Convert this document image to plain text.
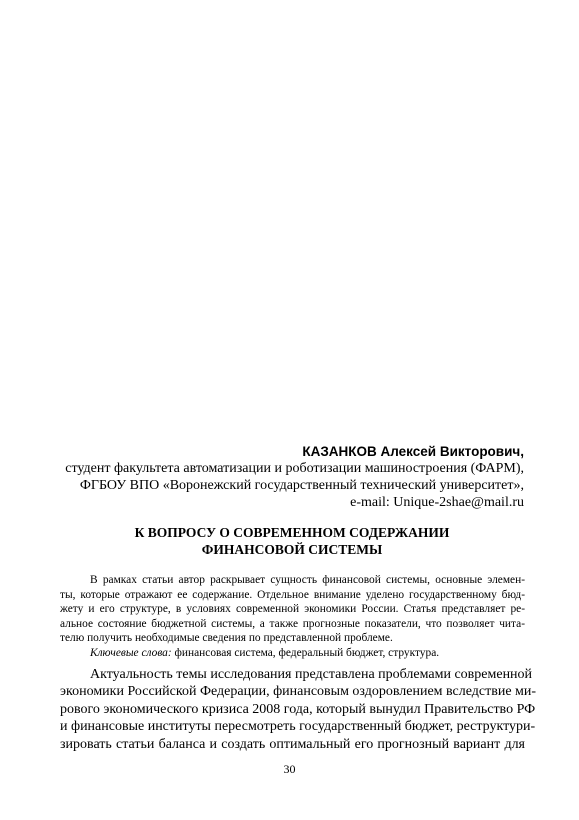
КАЗАНКОВ Алексей Викторович,
студент факультета автоматизации и роботизации машиностроения (ФАРМ),
ФГБОУ ВПО «Воронежский государственный технический университет»,
e-mail: Unique-2shae@mail.ru
К ВОПРОСУ О СОВРЕМЕННОМ СОДЕРЖАНИИ
ФИНАНСОВОЙ СИСТЕМЫ
В рамках статьи автор раскрывает сущность финансовой системы, основные элемен-
ты, которые отражают ее содержание. Отдельное внимание уделено государственному бюд-
жету и его структуре, в условиях современной экономики России. Статья представляет ре-
альное состояние бюджетной системы, а также прогнозные показатели, что позволяет чита-
телю получить необходимые сведения по представленной проблеме.
Ключевые слова: финансовая система, федеральный бюджет, структура.
Актуальность темы исследования представлена проблемами современной
экономики Российской Федерации, финансовым оздоровлением вследствие ми-
рового экономического кризиса 2008 года, который вынудил Правительство РФ
и финансовые институты пересмотреть государственный бюджет, реструктури-
зировать статьи баланса и создать оптимальный его прогнозный вариант для
30
